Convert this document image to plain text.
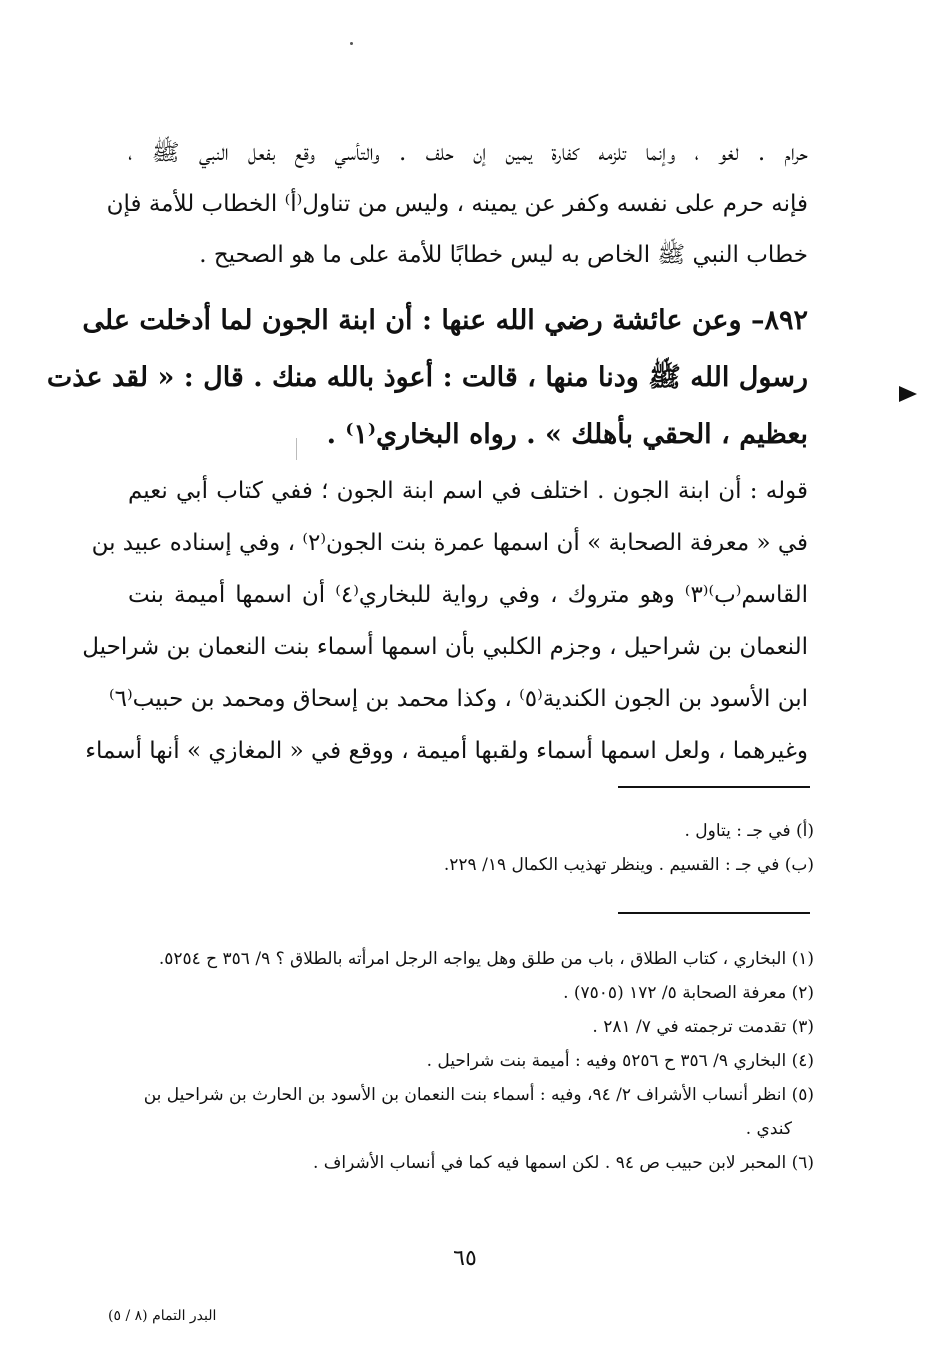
حرام . لغو ، وإنما تلزمه كفارة يمين إن حلف . والتأسي وقع بفعل النبي ﷺ ،
فإنه حرم على نفسه وكفر عن يمينه ، وليس من تناول⁽أ⁾ الخطاب للأمة فإن
خطاب النبي ﷺ الخاص به ليس خطابًا للأمة على ما هو الصحيح .
٨٩٢– وعن عائشة رضي الله عنها : أن ابنة الجون لما أدخلت على
رسول الله ﷺ ودنا منها ، قالت : أعوذ بالله منك . قال : « لقد عذت
بعظيم ، الحقي بأهلك » . رواه البخاري⁽١⁾ .
قوله : أن ابنة الجون . اختلف في اسم ابنة الجون ؛ ففي كتاب أبي نعيم
في « معرفة الصحابة » أن اسمها عمرة بنت الجون⁽٢⁾ ، وفي إسناده عبيد بن
القاسم⁽ب⁾⁽٣⁾ وهو متروك ، وفي رواية للبخاري⁽٤⁾ أن اسمها أميمة بنت
النعمان بن شراحيل ، وجزم الكلبي بأن اسمها أسماء بنت النعمان بن شراحيل
ابن الأسود بن الجون الكندية⁽٥⁾ ، وكذا محمد بن إسحاق ومحمد بن حبيب⁽٦⁾
وغيرهما ، ولعل اسمها أسماء ولقبها أميمة ، ووقع في « المغازي » أنها أسماء
(أ) في جـ : يتاول .
(ب) في جـ : القسيم . وينظر تهذيب الكمال ١٩/ ٢٢٩.
(١) البخاري ، كتاب الطلاق ، باب من طلق وهل يواجه الرجل امرأته بالطلاق ؟ ٩/ ٣٥٦ ح ٥٢٥٤.
(٢) معرفة الصحابة ٥/ ١٧٢ (٧٥٠٥) .
(٣) تقدمت ترجمته في ٧/ ٢٨١ .
(٤) البخاري ٩/ ٣٥٦ ح ٥٢٥٦ وفيه : أميمة بنت شراحيل .
(٥) انظر أنساب الأشراف ٢/ ٩٤، وفيه : أسماء بنت النعمان بن الأسود بن الحارث بن شراحيل بن
كندي .
(٦) المحبر لابن حبيب ص ٩٤ . لكن اسمها فيه كما في أنساب الأشراف .
٦٥
البدر التمام (٨ / ٥)
